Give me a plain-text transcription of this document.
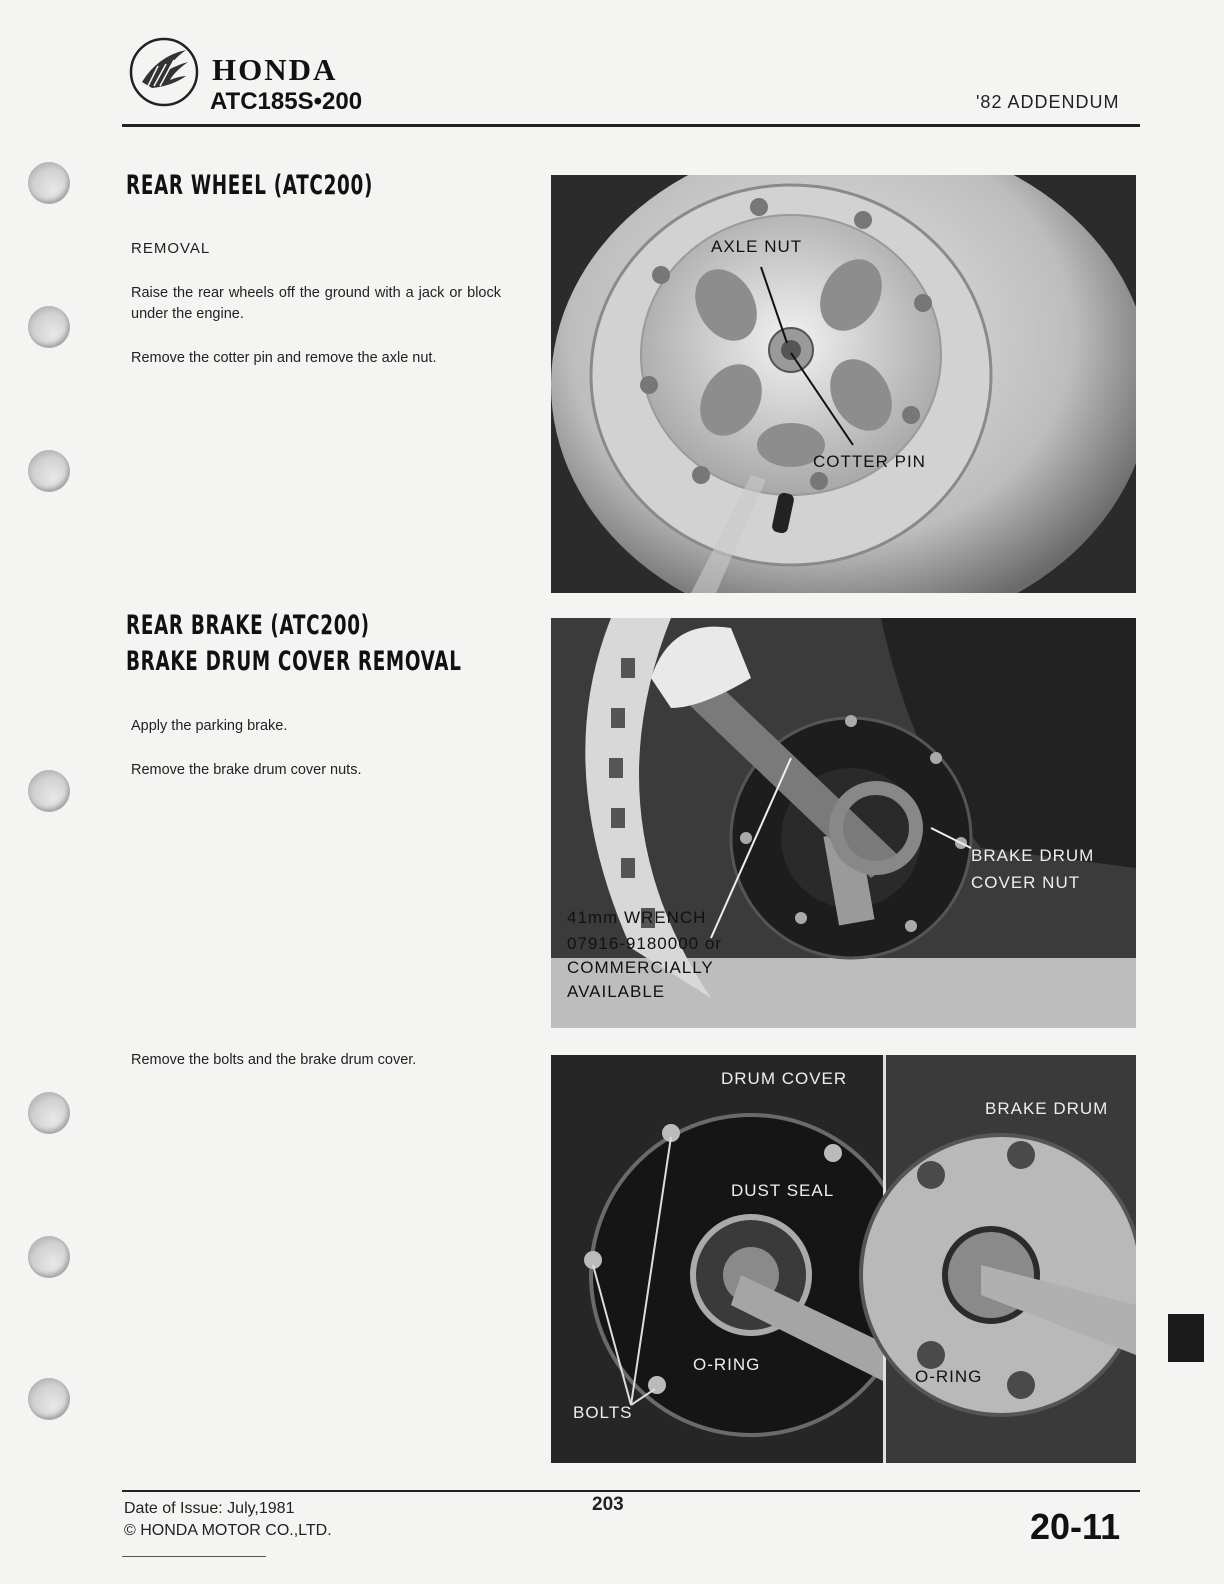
HONDA
ATC185S•200	'82 ADDENDUM
REAR WHEEL (ATC200)
REMOVAL
Raise the rear wheels off the ground with a jack or block under the engine.
Remove the cotter pin and remove the axle nut.
REAR BRAKE (ATC200)
BRAKE DRUM COVER REMOVAL
Apply the parking brake.
Remove the brake drum cover nuts.
Remove the bolts and the brake drum cover.
AXLE NUT
COTTER PIN
BRAKE DRUM
COVER NUT
41mm WRENCH
07916-9180000 or
COMMERCIALLY
AVAILABLE
DRUM COVER
DUST SEAL
O-RING
BOLTS
BRAKE DRUM
O-RING
Date of Issue: July,1981
© HONDA MOTOR CO.,LTD.
203
20-11
